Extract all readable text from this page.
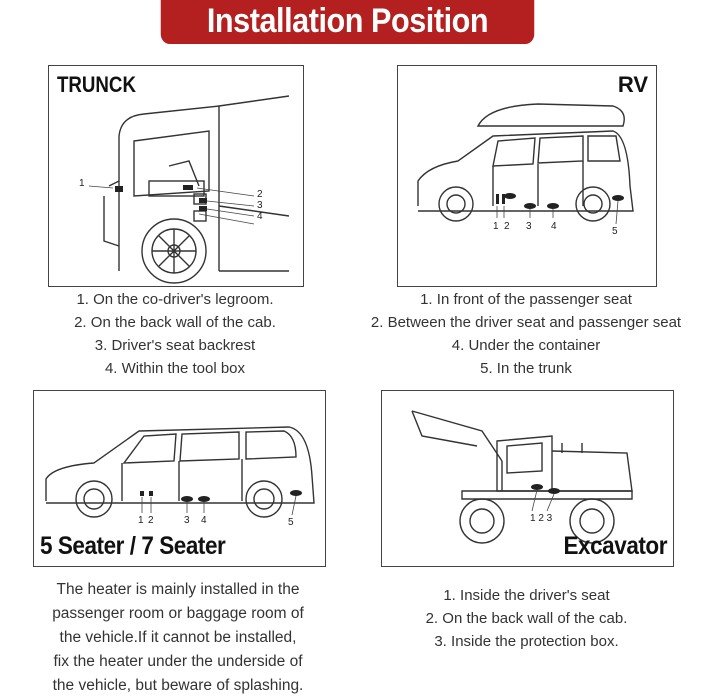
Installation Position
TRUNCK
1
2
3
4
1. On the co-driver's legroom.
2. On the back wall of the cab.
3. Driver's seat backrest
4. Within the tool box
RV
1 2 3 4	5
1. In front of the passenger seat
2. Between the driver seat and passenger seat
4. Under the container
5. In the trunk
1 2	3 4	5
5 Seater / 7 Seater
The heater is mainly installed in the
passenger room or baggage room of
the vehicle.If it cannot be installed,
fix the heater under the underside of
the vehicle, but beware of splashing.
1 2 3
Excavator
1. Inside the driver's seat
2. On the back wall of the cab.
3. Inside the protection box.
